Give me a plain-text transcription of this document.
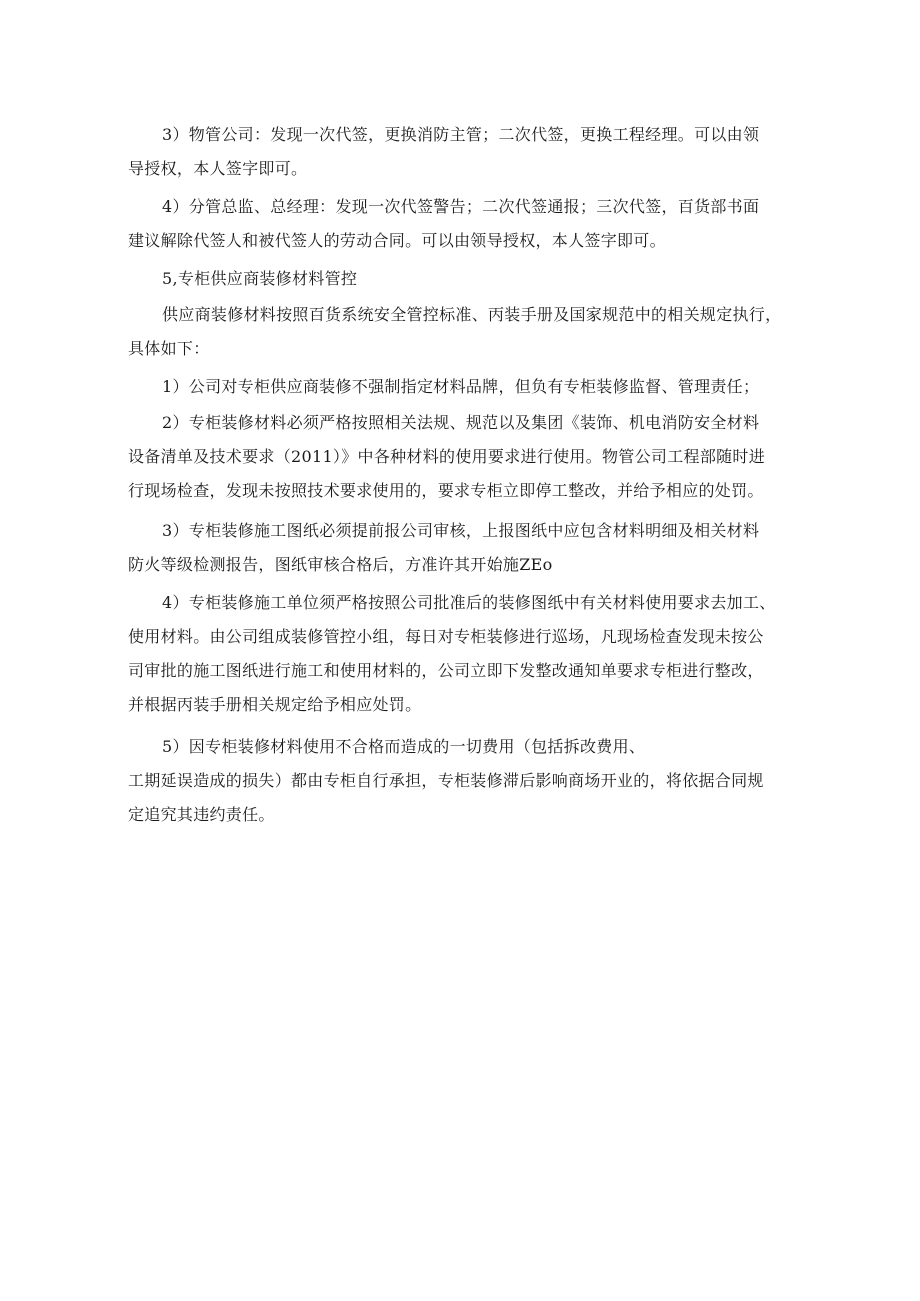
3）物管公司：发现一次代签，更换消防主管；二次代签，更换工程经理。可以由领
导授权，本人签字即可。

4）分管总监、总经理：发现一次代签警告；二次代签通报；三次代签，百货部书面
建议解除代签人和被代签人的劳动合同。可以由领导授权，本人签字即可。

5,专柜供应商装修材料管控

供应商装修材料按照百货系统安全管控标准、丙装手册及国家规范中的相关规定执行，
具体如下：

1）公司对专柜供应商装修不强制指定材料品牌，但负有专柜装修监督、管理责任；

2）专柜装修材料必须严格按照相关法规、规范以及集团《装饰、机电消防安全材料
设备清单及技术要求（2011）》中各种材料的使用要求进行使用。物管公司工程部随时进
行现场检查，发现未按照技术要求使用的，要求专柜立即停工整改，并给予相应的处罚。

3）专柜装修施工图纸必须提前报公司审核，上报图纸中应包含材料明细及相关材料
防火等级检测报告，图纸审核合格后，方准许其开始施ZEo

4）专柜装修施工单位须严格按照公司批准后的装修图纸中有关材料使用要求去加工、
使用材料。由公司组成装修管控小组，每日对专柜装修进行巡场，凡现场检查发现未按公
司审批的施工图纸进行施工和使用材料的，公司立即下发整改通知单要求专柜进行整改，
并根据丙装手册相关规定给予相应处罚。

5）因专柜装修材料使用不合格而造成的一切费用（包括拆改费用、
工期延误造成的损失）都由专柜自行承担，专柜装修滞后影响商场开业的，将依据合同规
定追究其违约责任。
